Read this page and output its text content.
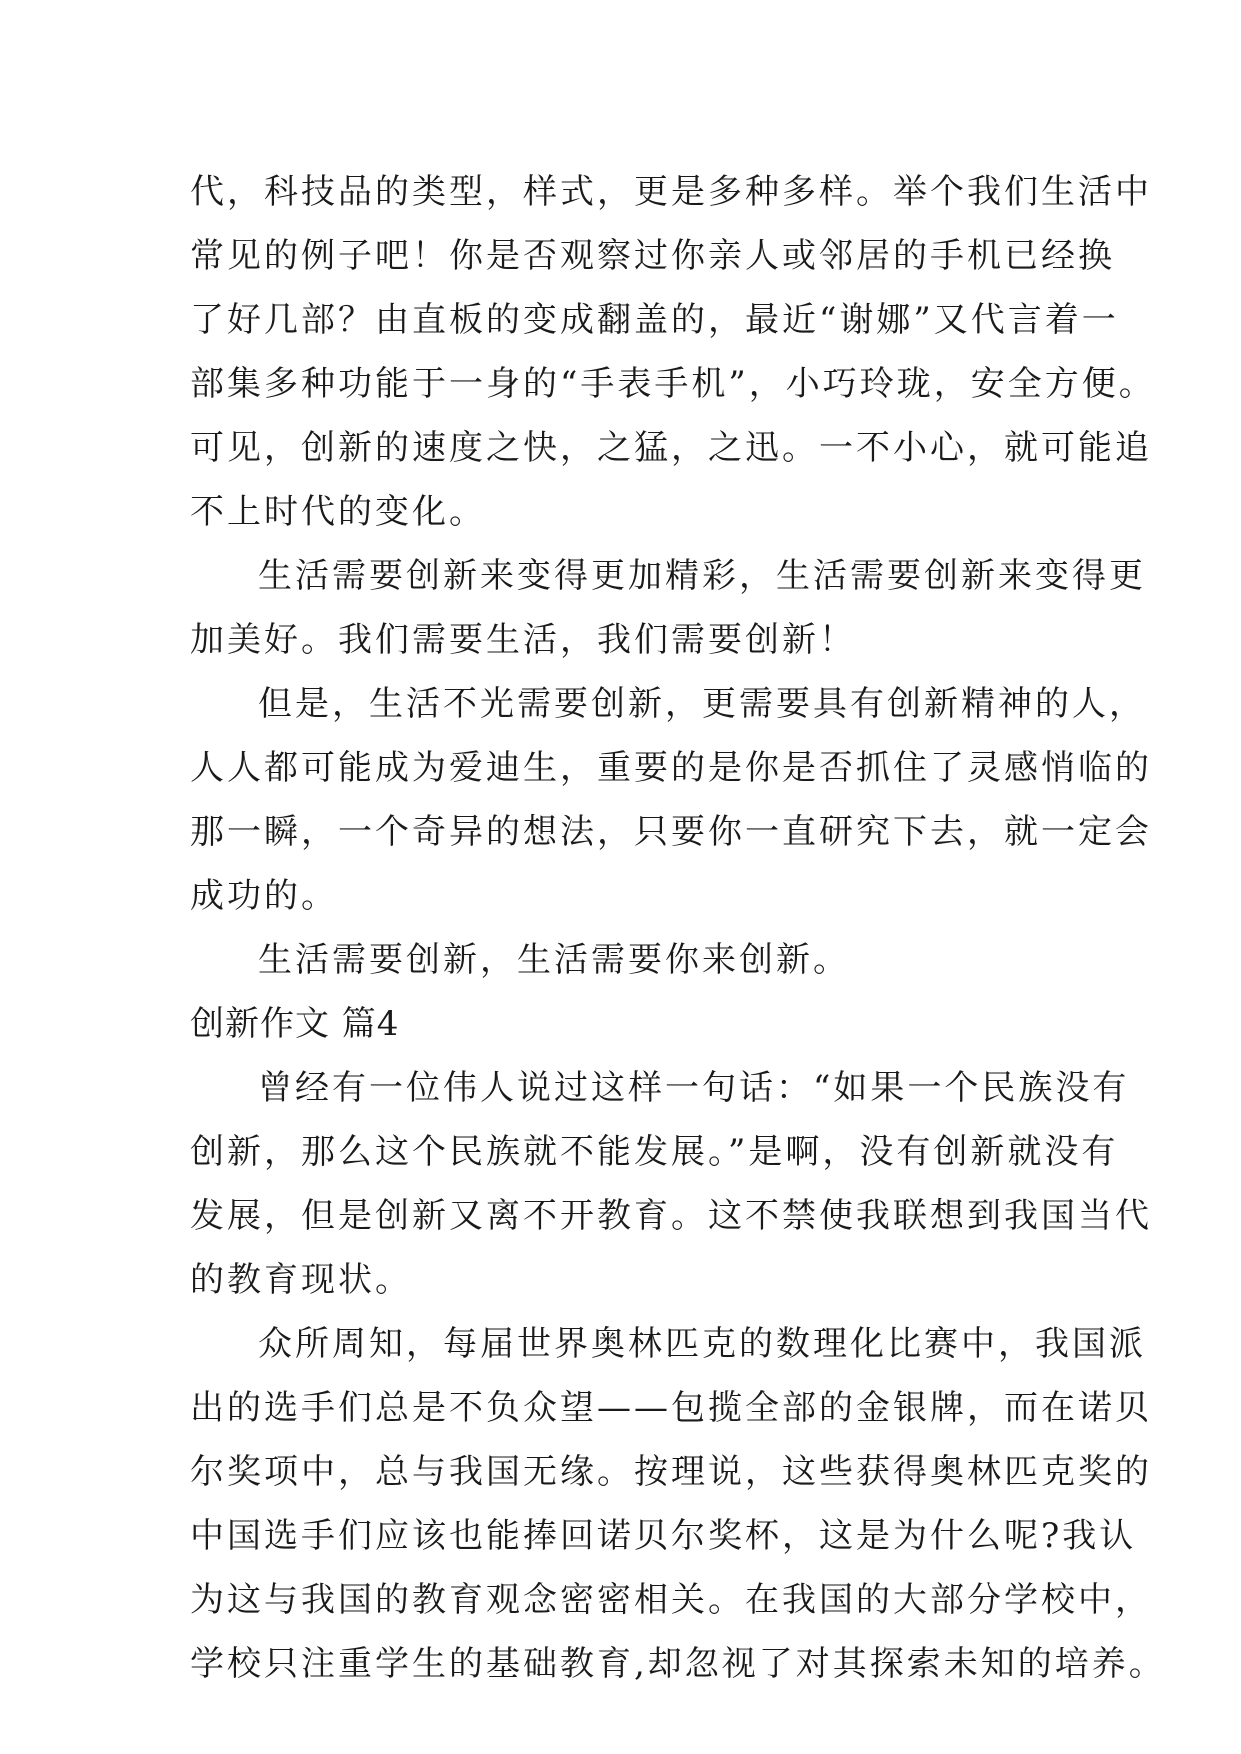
代，科技品的类型，样式，更是多种多样。举个我们生活中
常见的例子吧！你是否观察过你亲人或邻居的手机已经换
了好几部？由直板的变成翻盖的，最近“谢娜”又代言着一
部集多种功能于一身的“手表手机”，小巧玲珑，安全方便。
可见，创新的速度之快，之猛，之迅。一不小心，就可能追
不上时代的变化。
生活需要创新来变得更加精彩，生活需要创新来变得更
加美好。我们需要生活，我们需要创新！
但是，生活不光需要创新，更需要具有创新精神的人，
人人都可能成为爱迪生，重要的是你是否抓住了灵感悄临的
那一瞬，一个奇异的想法，只要你一直研究下去，就一定会
成功的。
生活需要创新，生活需要你来创新。
创新作文 篇4
曾经有一位伟人说过这样一句话：“如果一个民族没有
创新，那么这个民族就不能发展。”是啊，没有创新就没有
发展，但是创新又离不开教育。这不禁使我联想到我国当代
的教育现状。
众所周知，每届世界奥林匹克的数理化比赛中，我国派
出的选手们总是不负众望——包揽全部的金银牌，而在诺贝
尔奖项中，总与我国无缘。按理说，这些获得奥林匹克奖的
中国选手们应该也能捧回诺贝尔奖杯，这是为什么呢?我认
为这与我国的教育观念密密相关。在我国的大部分学校中，
学校只注重学生的基础教育,却忽视了对其探索未知的培养。
